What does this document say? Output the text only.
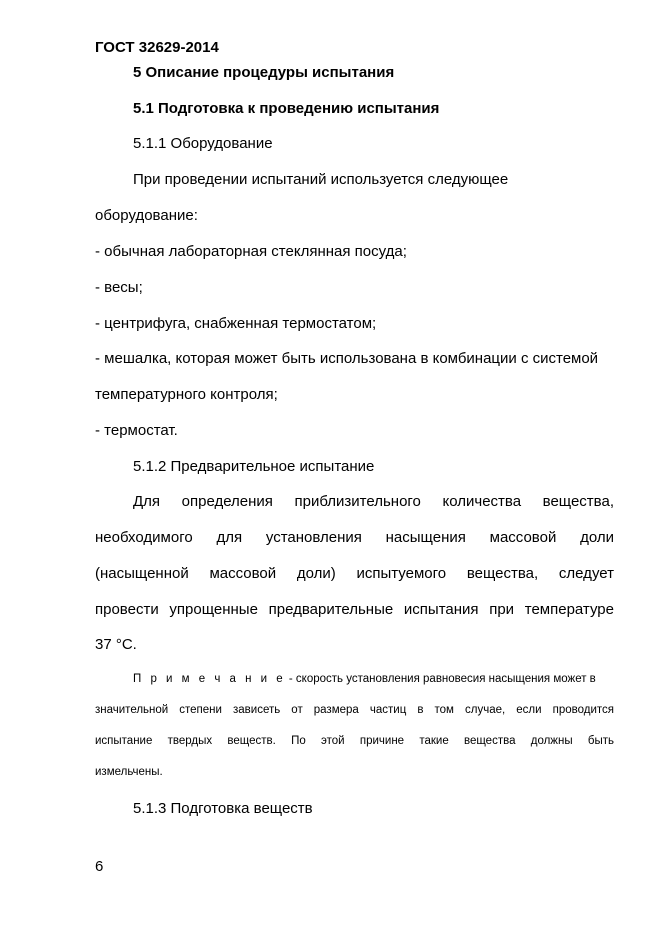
ГОСТ 32629-2014
5 Описание процедуры испытания
5.1 Подготовка к проведению испытания
5.1.1 Оборудование
При проведении испытаний используется следующее
оборудование:
- обычная лабораторная стеклянная посуда;
- весы;
- центрифуга, снабженная термостатом;
- мешалка, которая может быть использована в комбинации с системой
температурного контроля;
- термостат.
5.1.2 Предварительное испытание
Для определения приблизительного количества вещества,
необходимого для установления насыщения массовой доли
(насыщенной массовой доли) испытуемого вещества, следует
провести упрощенные предварительные испытания при температуре
37 °С.
П р и м е ч а н и е - скорость установления равновесия насыщения может в
значительной степени зависеть от размера частиц в том случае, если проводится
испытание твердых веществ. По этой причине такие вещества должны быть
измельчены.
5.1.3 Подготовка веществ
6
